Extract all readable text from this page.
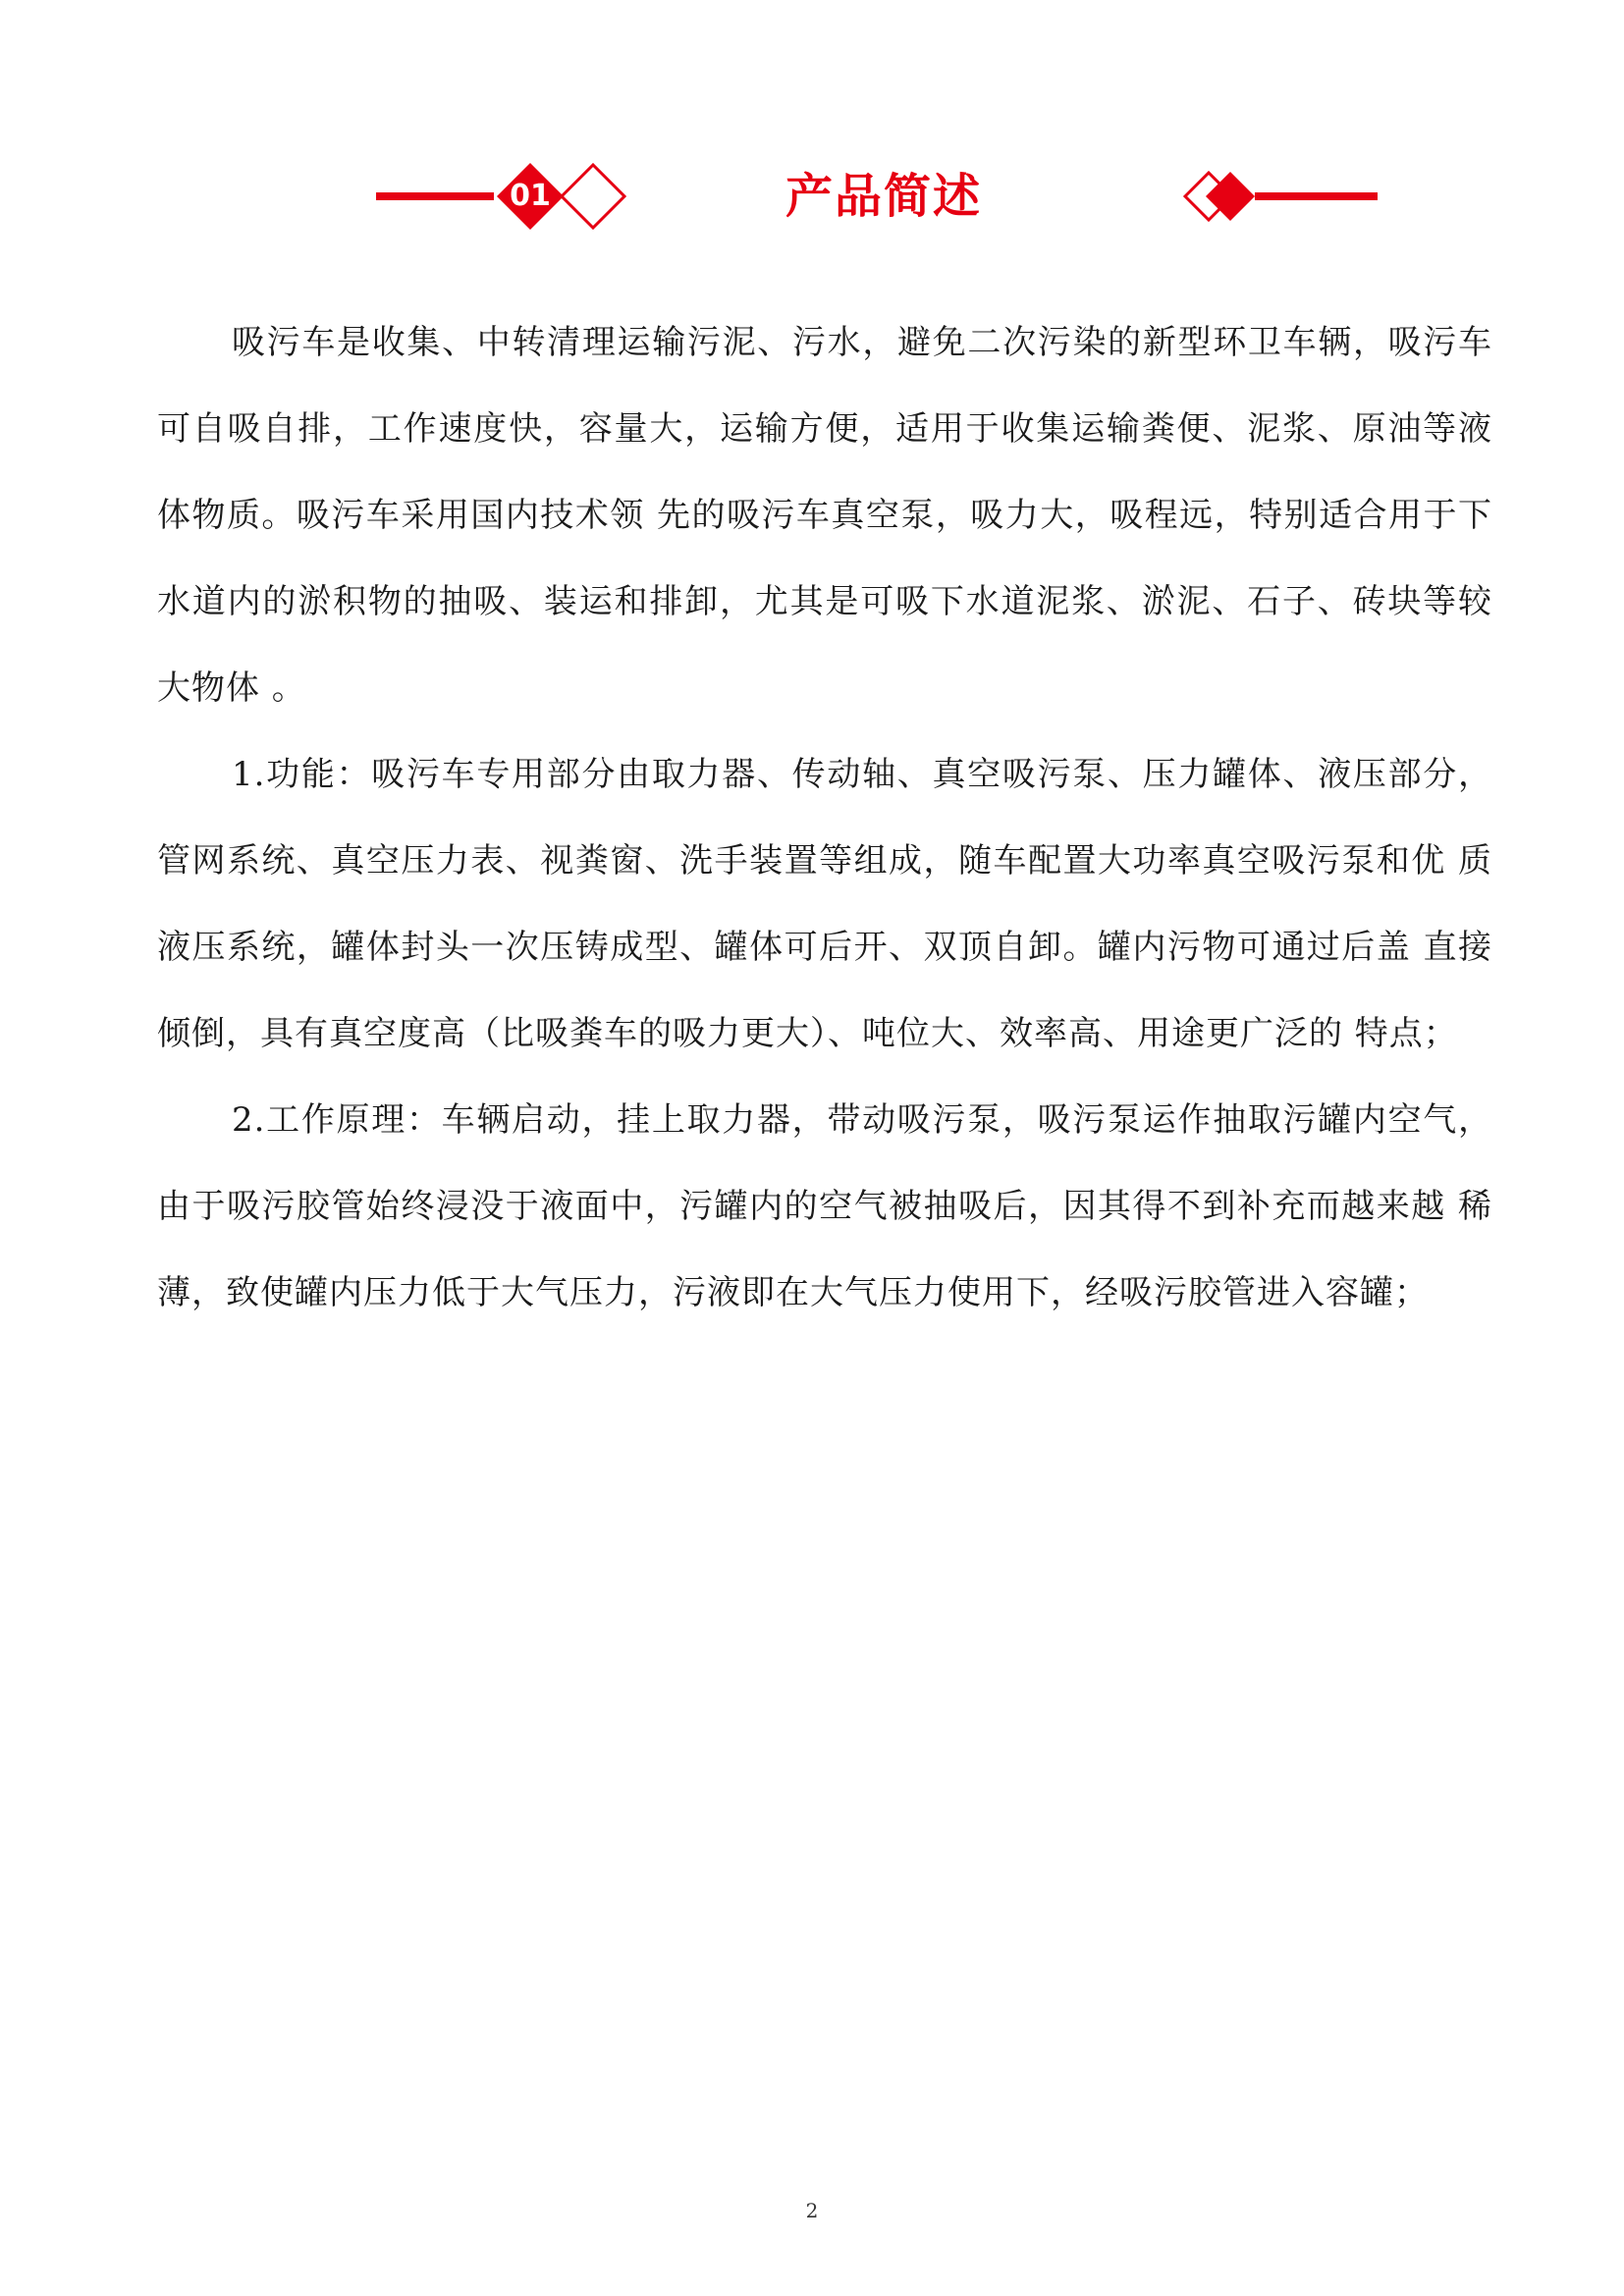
01	产品简述

吸污车是收集、中转清理运输污泥、污水，避免二次污染的新型环卫车辆，吸污车可自吸自排，工作速度快，容量大，运输方便，适用于收集运输粪便、泥浆、原油等液体物质。吸污车采用国内技术领 先的吸污车真空泵，吸力大，吸程远，特别适合用于下水道内的淤积物的抽吸、装运和排卸，尤其是可吸下水道泥浆、淤泥、石子、砖块等较大物体 。

1.功能：吸污车专用部分由取力器、传动轴、真空吸污泵、压力罐体、液压部分， 管网系统、真空压力表、视粪窗、洗手装置等组成，随车配置大功率真空吸污泵和优 质液压系统，罐体封头一次压铸成型、罐体可后开、双顶自卸。罐内污物可通过后盖 直接倾倒，具有真空度高（比吸粪车的吸力更大）、吨位大、效率高、用途更广泛的 特点；

2.工作原理：车辆启动，挂上取力器，带动吸污泵，吸污泵运作抽取污罐内空气， 由于吸污胶管始终浸没于液面中，污罐内的空气被抽吸后，因其得不到补充而越来越 稀薄，致使罐内压力低于大气压力，污液即在大气压力使用下，经吸污胶管进入容罐；

2
